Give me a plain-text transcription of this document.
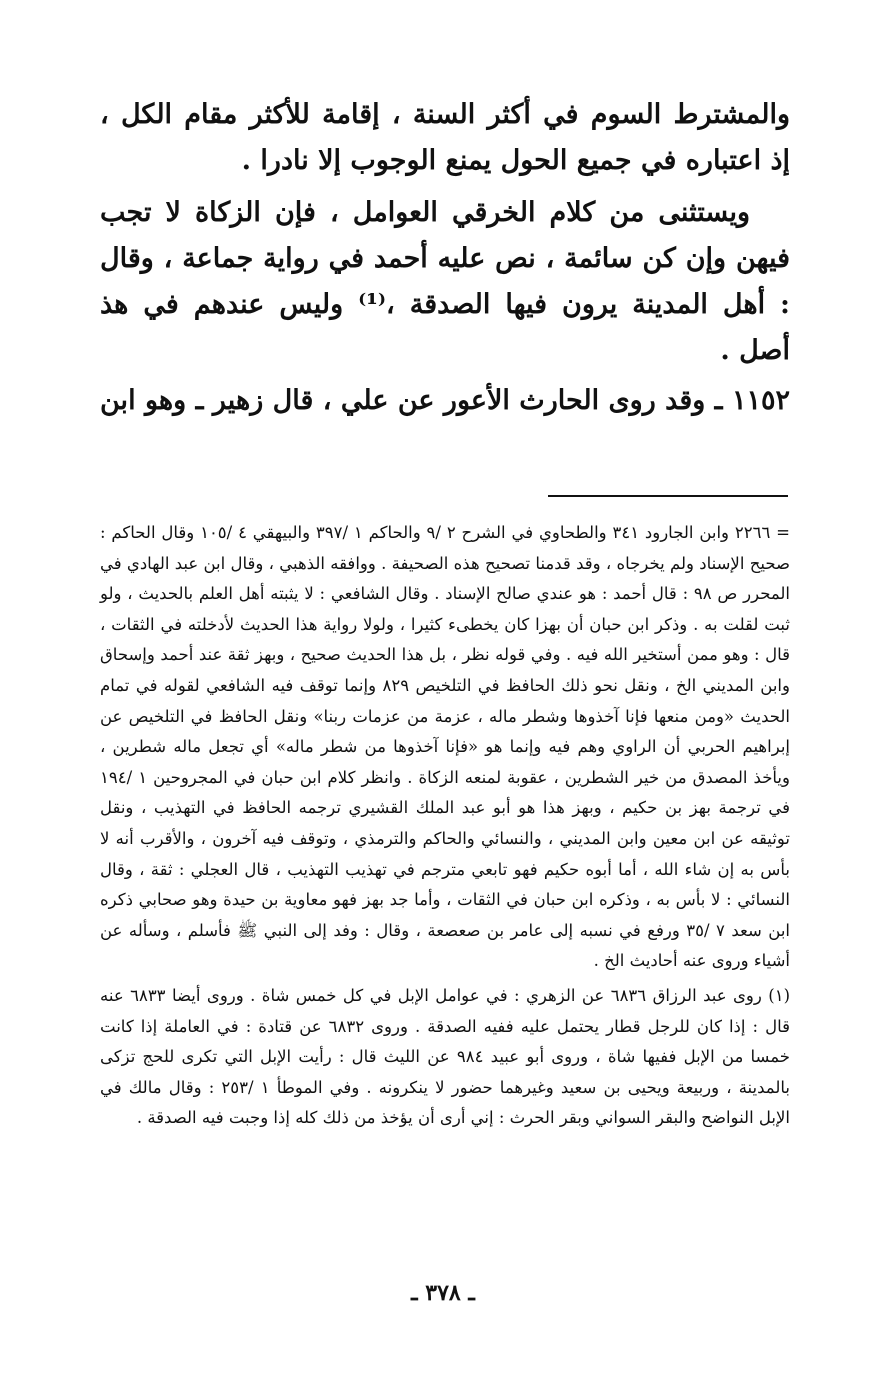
والمشترط السوم في أكثر السنة ، إقامة للأكثر مقام الكل ، إذ اعتباره في جميع الحول يمنع الوجوب إلا نادرا .

ويستثنى من كلام الخرقي العوامل ، فإن الزكاة لا تجب فيهن وإن كن سائمة ، نص عليه أحمد في رواية جماعة ، وقال : أهل المدينة يرون فيها الصدقة ،⁽¹⁾ وليس عندهم في هذ أصل .

١١٥٢ ـ وقد روى الحارث الأعور عن علي ، قال زهير ـ وهو ابن

= ٢٢٦٦ وابن الجارود ٣٤١ والطحاوي في الشرح ٢ /٩ والحاكم ١ /٣٩٧ والبيهقي ٤ /١٠٥ وقال الحاكم : صحيح الإسناد ولم يخرجاه ، وقد قدمنا تصحيح هذه الصحيفة . ووافقه الذهبي ، وقال ابن عبد الهادي في المحرر ص ٩٨ : قال أحمد : هو عندي صالح الإسناد . وقال الشافعي : لا يثبته أهل العلم بالحديث ، ولو ثبت لقلت به . وذكر ابن حبان أن بهزا كان يخطىء كثيرا ، ولولا رواية هذا الحديث لأدخلته في الثقات ، قال : وهو ممن أستخير الله فيه . وفي قوله نظر ، بل هذا الحديث صحيح ، وبهز ثقة عند أحمد وإسحاق وابن المديني الخ ، ونقل نحو ذلك الحافظ في التلخيص ٨٢٩ وإنما توقف فيه الشافعي لقوله في تمام الحديث «ومن منعها فإنا آخذوها وشطر ماله ، عزمة من عزمات ربنا» ونقل الحافظ في التلخيص عن إبراهيم الحربي أن الراوي وهم فيه وإنما هو «فإنا آخذوها من شطر ماله» أي تجعل ماله شطرين ، ويأخذ المصدق من خير الشطرين ، عقوبة لمنعه الزكاة . وانظر كلام ابن حبان في المجروحين ١ /١٩٤ في ترجمة بهز بن حكيم ، وبهز هذا هو أبو عبد الملك القشيري ترجمه الحافظ في التهذيب ، ونقل توثيقه عن ابن معين وابن المديني ، والنسائي والحاكم والترمذي ، وتوقف فيه آخرون ، والأقرب أنه لا بأس به إن شاء الله ، أما أبوه حكيم فهو تابعي مترجم في تهذيب التهذيب ، قال العجلي : ثقة ، وقال النسائي : لا بأس به ، وذكره ابن حبان في الثقات ، وأما جد بهز فهو معاوية بن حيدة وهو صحابي ذكره ابن سعد ٧ /٣٥ ورفع في نسبه إلى عامر بن صعصعة ، وقال : وفد إلى النبي ﷺ فأسلم ، وسأله عن أشياء وروى عنه أحاديث الخ .

(١) روى عبد الرزاق ٦٨٣٦ عن الزهري : في عوامل الإبل في كل خمس شاة . وروى أيضا ٦٨٣٣ عنه قال : إذا كان للرجل قطار يحتمل عليه ففيه الصدقة . وروى ٦٨٣٢ عن قتادة : في العاملة إذا كانت خمسا من الإبل ففيها شاة ، وروى أبو عبيد ٩٨٤ عن الليث قال : رأيت الإبل التي تكرى للحج تزكى بالمدينة ، وربيعة ويحيى بن سعيد وغيرهما حضور لا ينكرونه . وفي الموطأ ١ /٢٥٣ : وقال مالك في الإبل النواضح والبقر السواني وبقر الحرث : إني أرى أن يؤخذ من ذلك كله إذا وجبت فيه الصدقة .

ـ ٣٧٨ ـ
